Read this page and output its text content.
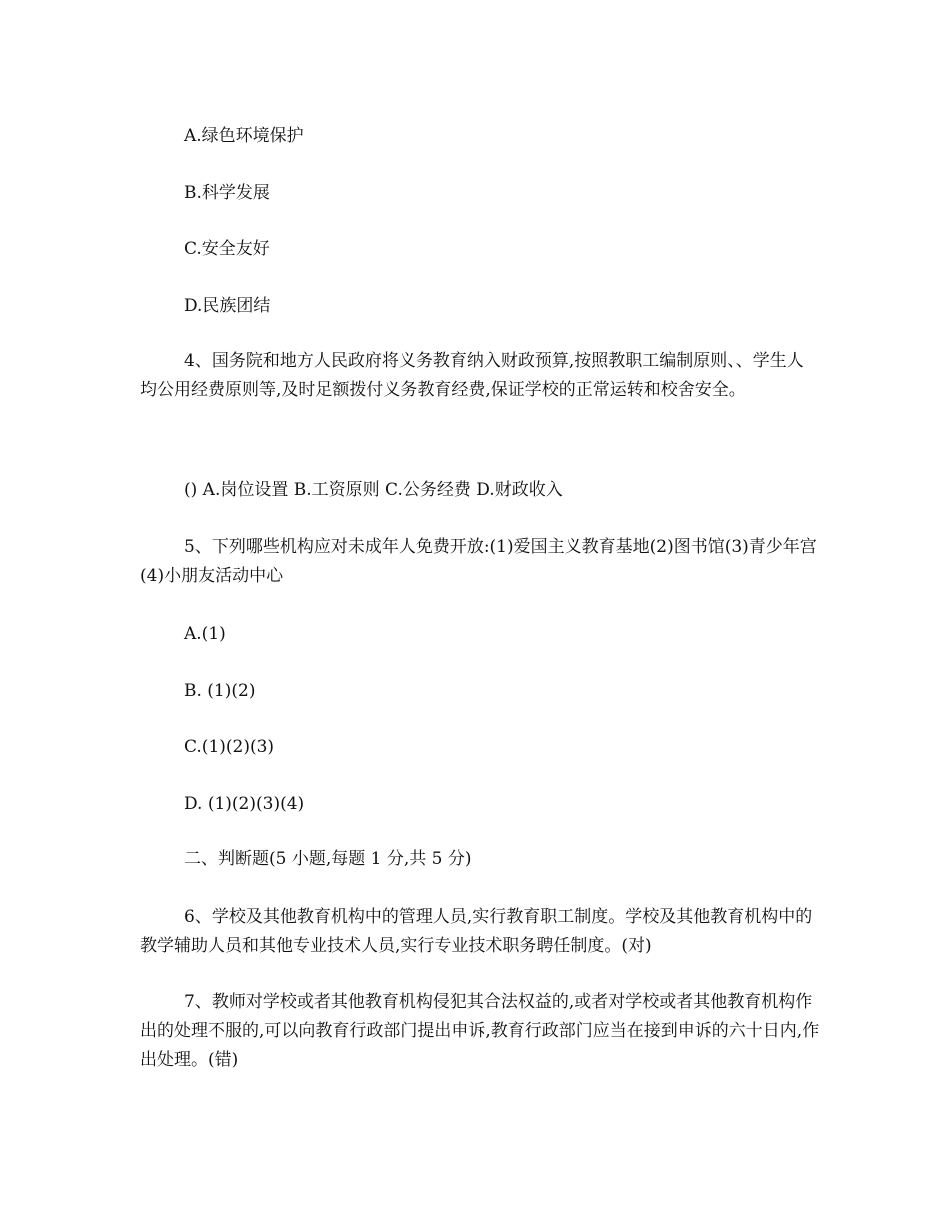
A.绿色环境保护
B.科学发展
C.安全友好
D.民族团结
4、国务院和地方人民政府将义务教育纳入财政预算,按照教职工编制原则、、学生人均公用经费原则等,及时足额拨付义务教育经费,保证学校的正常运转和校舍安全。
() A.岗位设置 B.工资原则 C.公务经费 D.财政收入
5、下列哪些机构应对未成年人免费开放:(1)爱国主义教育基地(2)图书馆(3)青少年宫(4)小朋友活动中心
A.(1)
B. (1)(2)
C.(1)(2)(3)
D. (1)(2)(3)(4)
二、判断题(5 小题,每题 1 分,共 5 分)
6、学校及其他教育机构中的管理人员,实行教育职工制度。学校及其他教育机构中的教学辅助人员和其他专业技术人员,实行专业技术职务聘任制度。(对)
7、教师对学校或者其他教育机构侵犯其合法权益的,或者对学校或者其他教育机构作出的处理不服的,可以向教育行政部门提出申诉,教育行政部门应当在接到申诉的六十日内,作出处理。(错)
